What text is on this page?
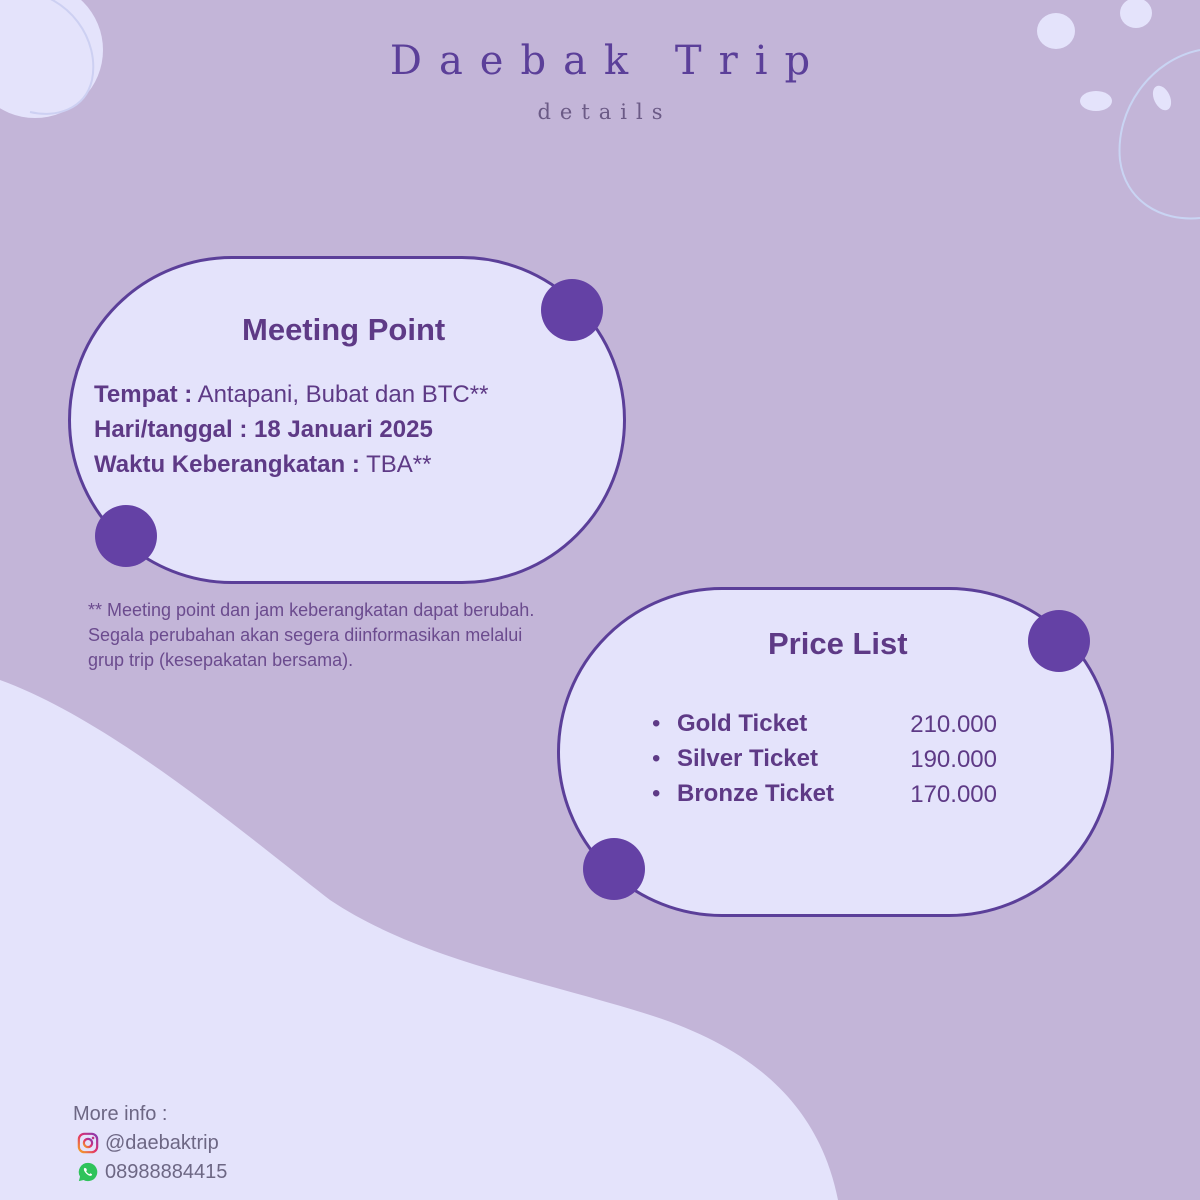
Daebak Trip
details
Meeting Point
Tempat : Antapani, Bubat dan BTC**
Hari/tanggal : 18 Januari 2025
Waktu Keberangkatan : TBA**
** Meeting point dan jam keberangkatan dapat berubah.
Segala perubahan akan segera diinformasikan melalui
grup trip (kesepakatan bersama).	Price List
• Gold Ticket	210.000
• Silver Ticket	190.000
• Bronze Ticket	170.000
More info :
@daebaktrip
08988884415
